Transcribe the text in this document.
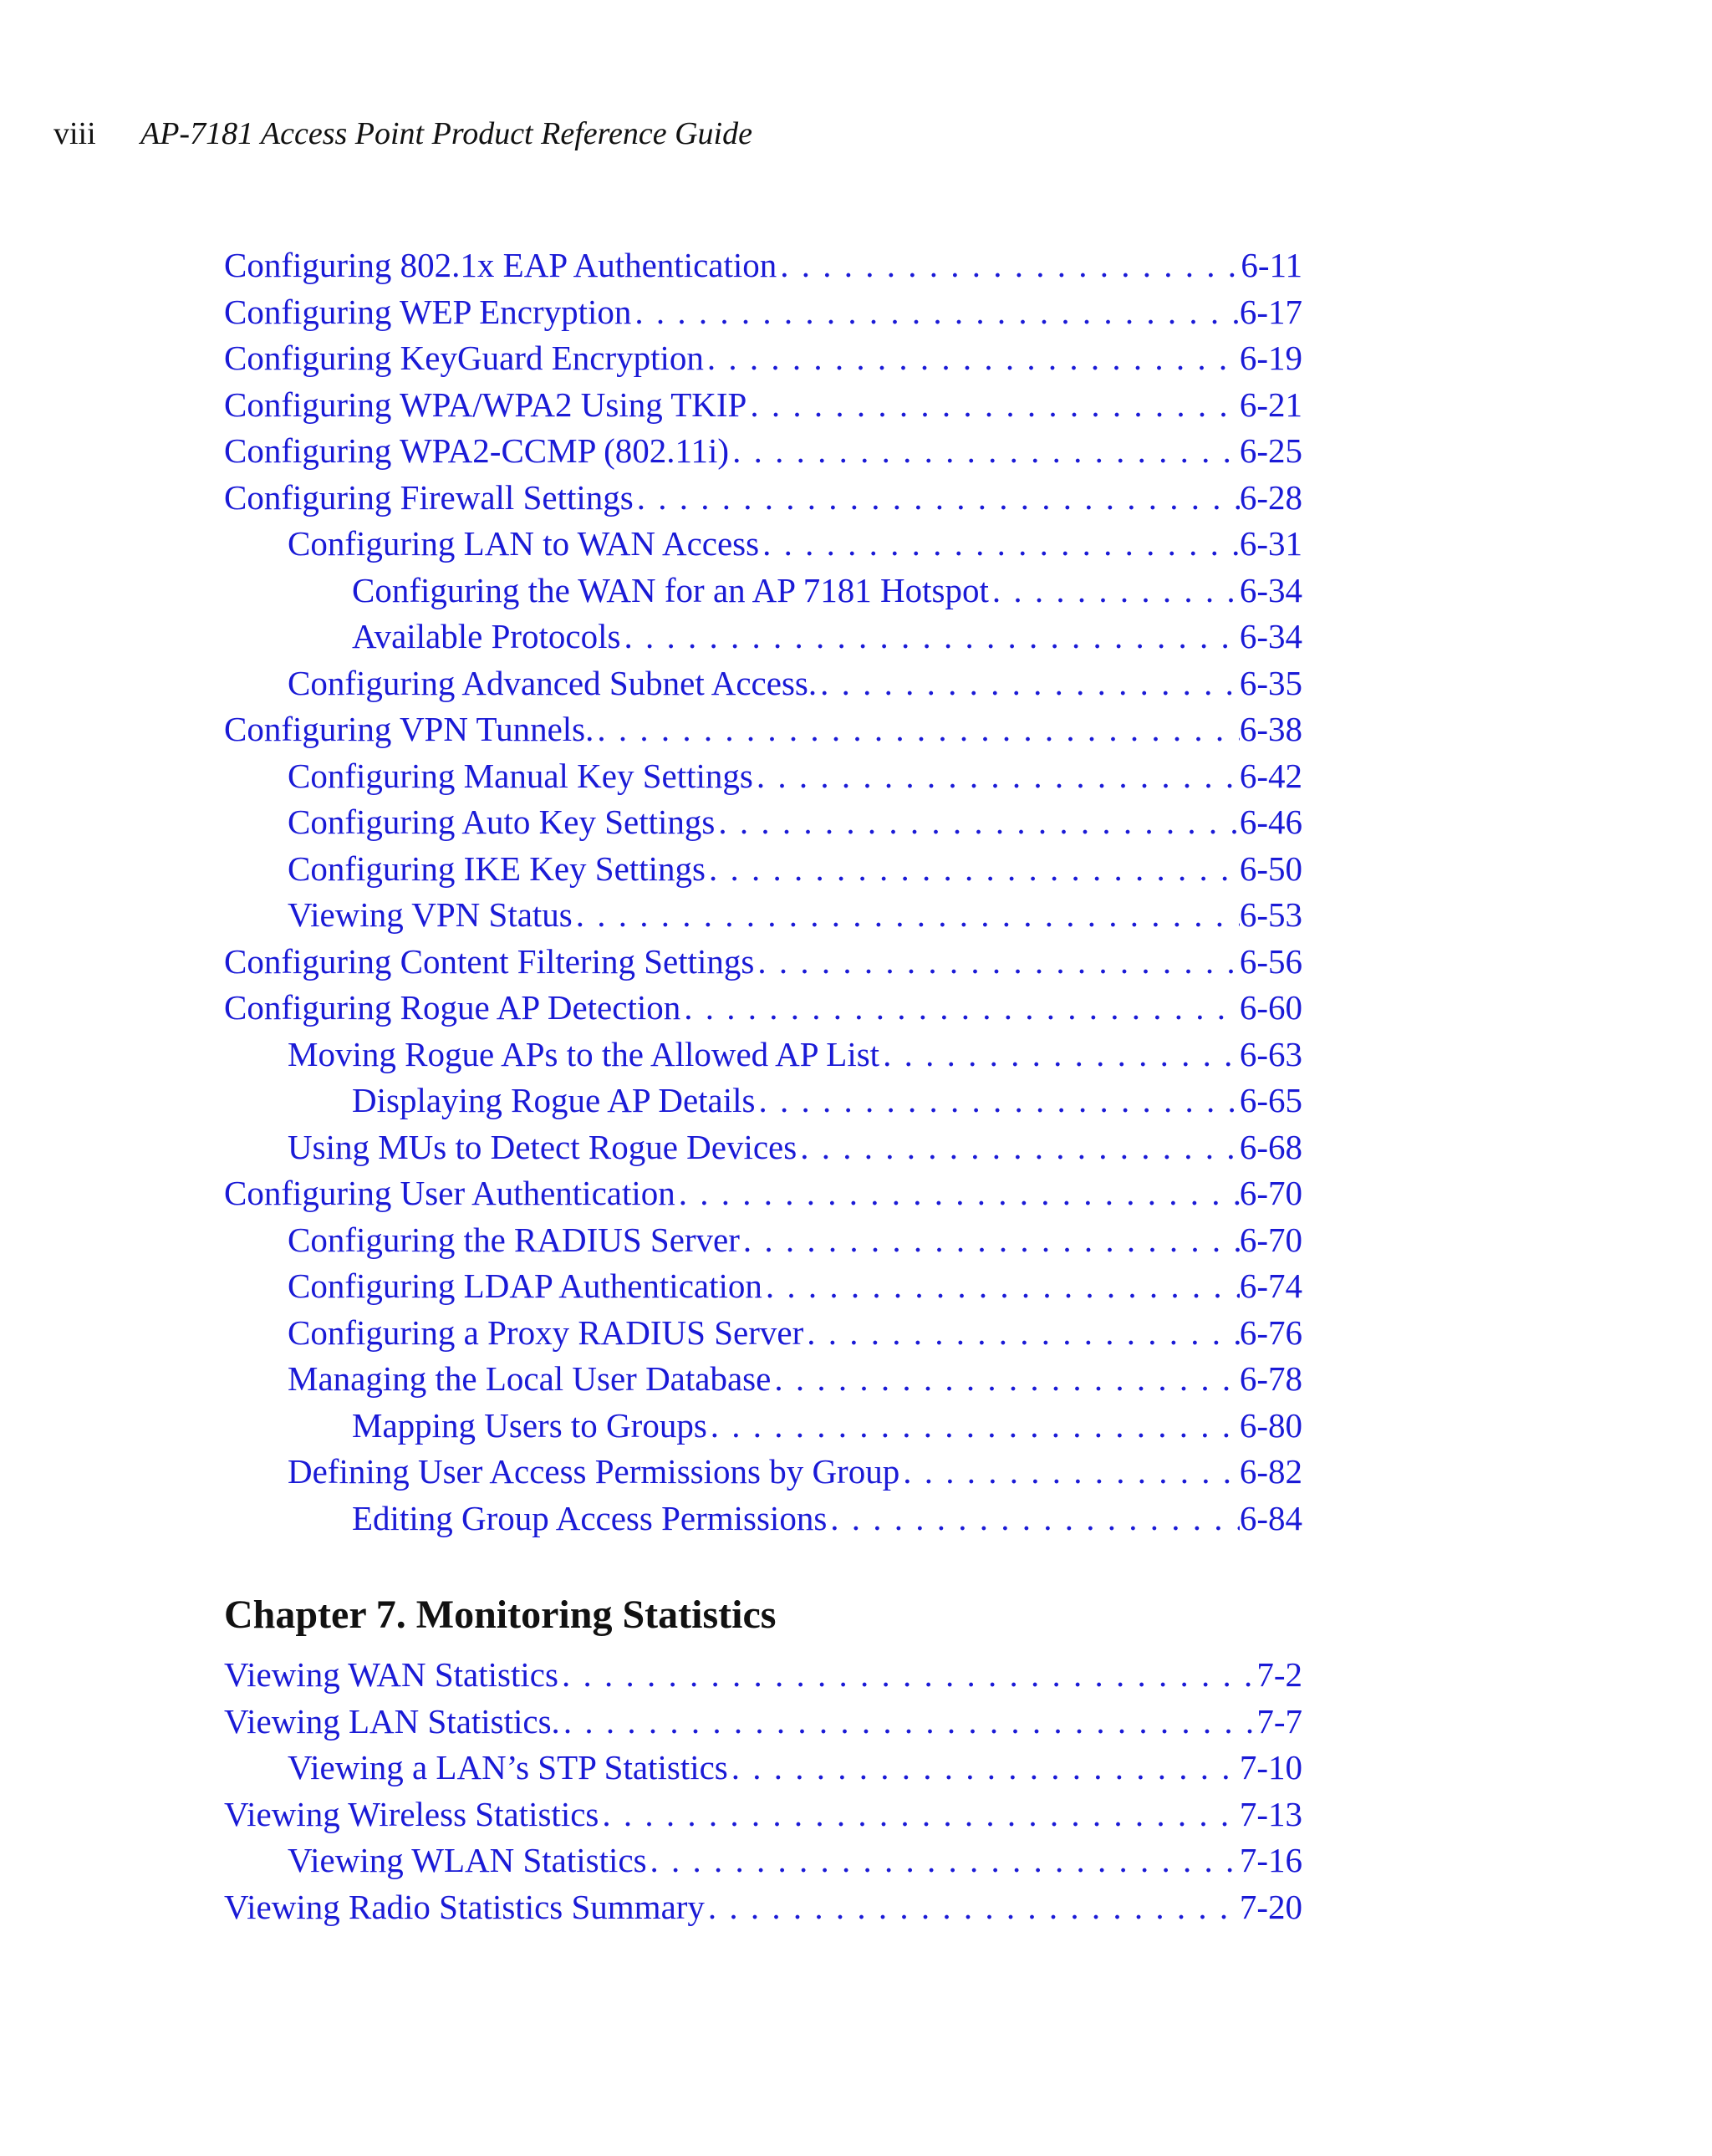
viii AP-7181 Access Point Product Reference Guide
Configuring 802.1x EAP Authentication . . .	6-11
Configuring WEP Encryption . . .	6-17
Configuring KeyGuard Encryption . . .	6-19
Configuring WPA/WPA2 Using TKIP . . .	6-21
Configuring WPA2-CCMP (802.11i) . . .	6-25
Configuring Firewall Settings . . .	6-28
Configuring LAN to WAN Access . . .	6-31
Configuring the WAN for an AP 7181 Hotspot . . .	6-34
Available Protocols . . .	6-34
Configuring Advanced Subnet Access. . . .	6-35
Configuring VPN Tunnels. . . .	6-38
Configuring Manual Key Settings . . .	6-42
Configuring Auto Key Settings . . .	6-46
Configuring IKE Key Settings . . .	6-50
Viewing VPN Status . . .	6-53
Configuring Content Filtering Settings . . .	6-56
Configuring Rogue AP Detection . . .	6-60
Moving Rogue APs to the Allowed AP List . . .	6-63
Displaying Rogue AP Details . . .	6-65
Using MUs to Detect Rogue Devices . . .	6-68
Configuring User Authentication . . .	6-70
Configuring the RADIUS Server . . .	6-70
Configuring LDAP Authentication . . .	6-74
Configuring a Proxy RADIUS Server . . .	6-76
Managing the Local User Database . . .	6-78
Mapping Users to Groups . . .	6-80
Defining User Access Permissions by Group . . .	6-82
Editing Group Access Permissions . . .	6-84
Chapter 7. Monitoring Statistics
Viewing WAN Statistics . . .	7-2
Viewing LAN Statistics. . . .	7-7
Viewing a LAN’s STP Statistics . . .	7-10
Viewing Wireless Statistics . . .	7-13
Viewing WLAN Statistics . . .	7-16
Viewing Radio Statistics Summary . . .	7-20
